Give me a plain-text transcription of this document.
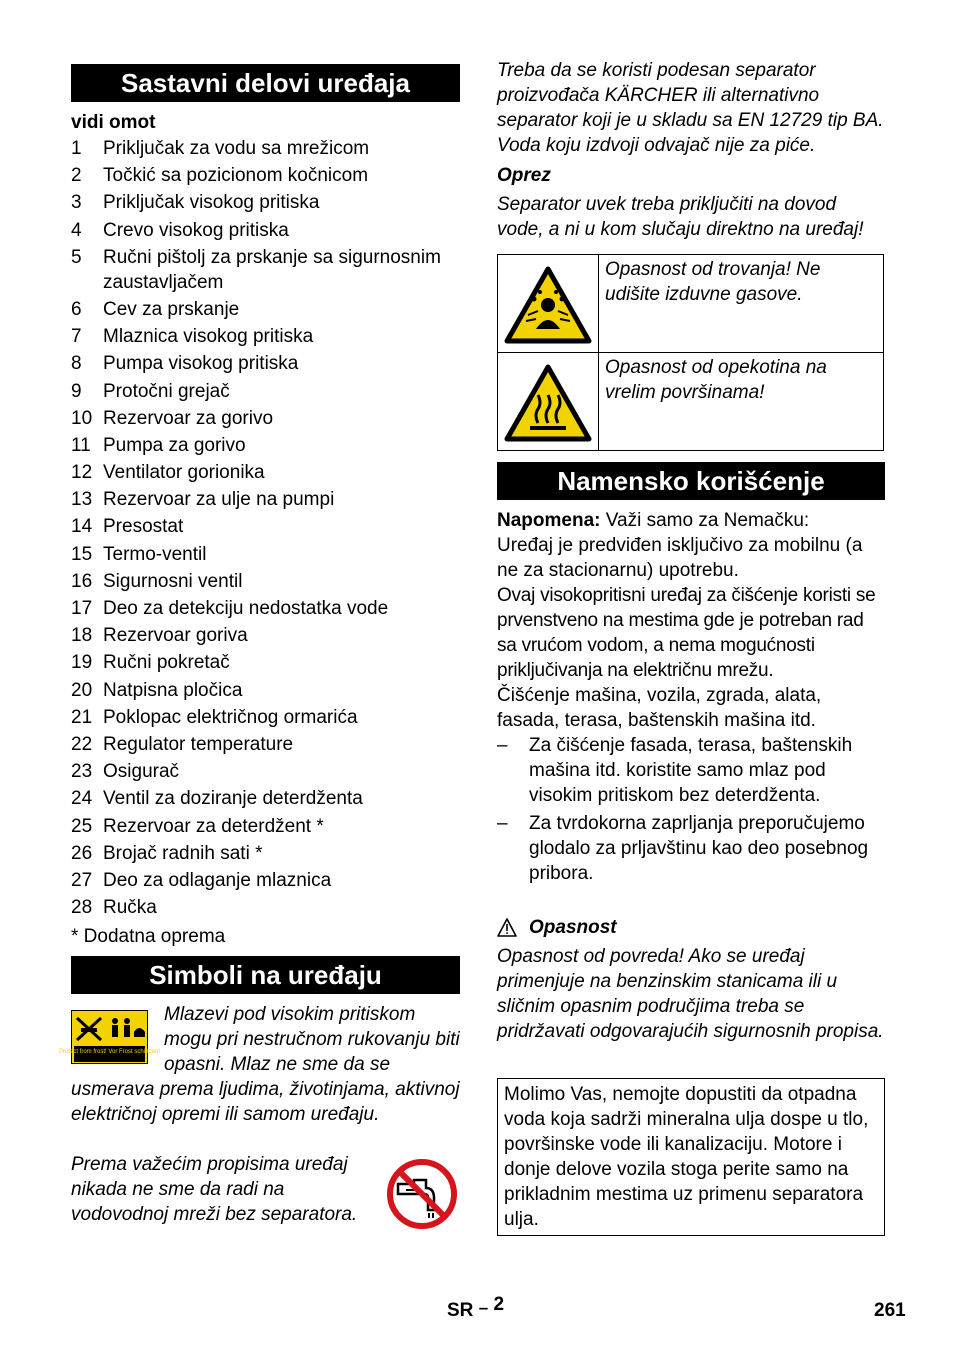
Sastavni delovi uređaja
vidi omot
1	Priključak za vodu sa mrežicom
2	Točkić sa pozicionom kočnicom
3	Priključak visokog pritiska
4	Crevo visokog pritiska
5	Ručni pištolj za prskanje sa sigurnosnim zaustavljačem
6	Cev za prskanje
7	Mlaznica visokog pritiska
8	Pumpa visokog pritiska
9	Protočni grejač
10 Rezervoar za gorivo
11 Pumpa za gorivo
12 Ventilator gorionika
13 Rezervoar za ulje na pumpi
14 Presostat
15 Termo-ventil
16 Sigurnosni ventil
17 Deo za detekciju nedostatka vode
18 Rezervoar goriva
19 Ručni pokretač
20 Natpisna pločica
21 Poklopac električnog ormarića
22 Regulator temperature
23 Osigurač
24 Ventil za doziranje deterdženta
25 Rezervoar za deterdžent *
26 Brojač radnih sati *
27 Deo za odlaganje mlaznica
28 Ručka
* Dodatna oprema
Simboli na uređaju
Protect from frost! Vor Frost schützen!
Mlazevi pod visokim pritiskom mogu pri nestručnom rukovanju biti opasni. Mlaz ne sme da se
usmerava prema ljudima, životinjama, aktivnoj električnoj opremi ili samom uređaju.
Prema važećim propisima uređaj nikada ne sme da radi na vodovodnoj mreži bez separatora.
Treba da se koristi podesan separator proizvođača KÄRCHER ili alternativno separator koji je u skladu sa EN 12729 tip BA. Voda koju izdvoji odvajač nije za piće.
Oprez
Separator uvek treba priključiti na dovod vode, a ni u kom slučaju direktno na uređaj!
	Opasnost od trovanja! Ne udišite izduvne gasove.

	Opasnost od opekotina na vrelim površinama!
Namensko korišćenje
Napomena: Važi samo za Nemačku:
Uređaj je predviđen isključivo za mobilnu (a ne za stacionarnu) upotrebu.
Ovaj visokopritisni uređaj za čišćenje koristi se prvenstveno na mestima gde je potreban rad sa vrućom vodom, a nema mogućnosti priključivanja na električnu mrežu.
Čišćenje mašina, vozila, zgrada, alata, fasada, terasa, baštenskih mašina itd.
–	Za čišćenje fasada, terasa, baštenskih mašina itd. koristite samo mlaz pod visokim pritiskom bez deterdženta.
–	Za tvrdokorna zaprljanja preporučujemo glodalo za prljavštinu kao deo posebnog pribora.
Opasnost
Opasnost od povreda! Ako se uređaj primenjuje na benzinskim stanicama ili u sličnim opasnim područjima treba se pridržavati odgovarajućih sigurnosnih propisa.
Molimo Vas, nemojte dopustiti da otpadna voda koja sadrži mineralna ulja dospe u tlo, površinske vode ili kanalizaciju. Motore i donje delove vozila stoga perite samo na prikladnim mestima uz primenu separatora ulja.
SR – 2	261
